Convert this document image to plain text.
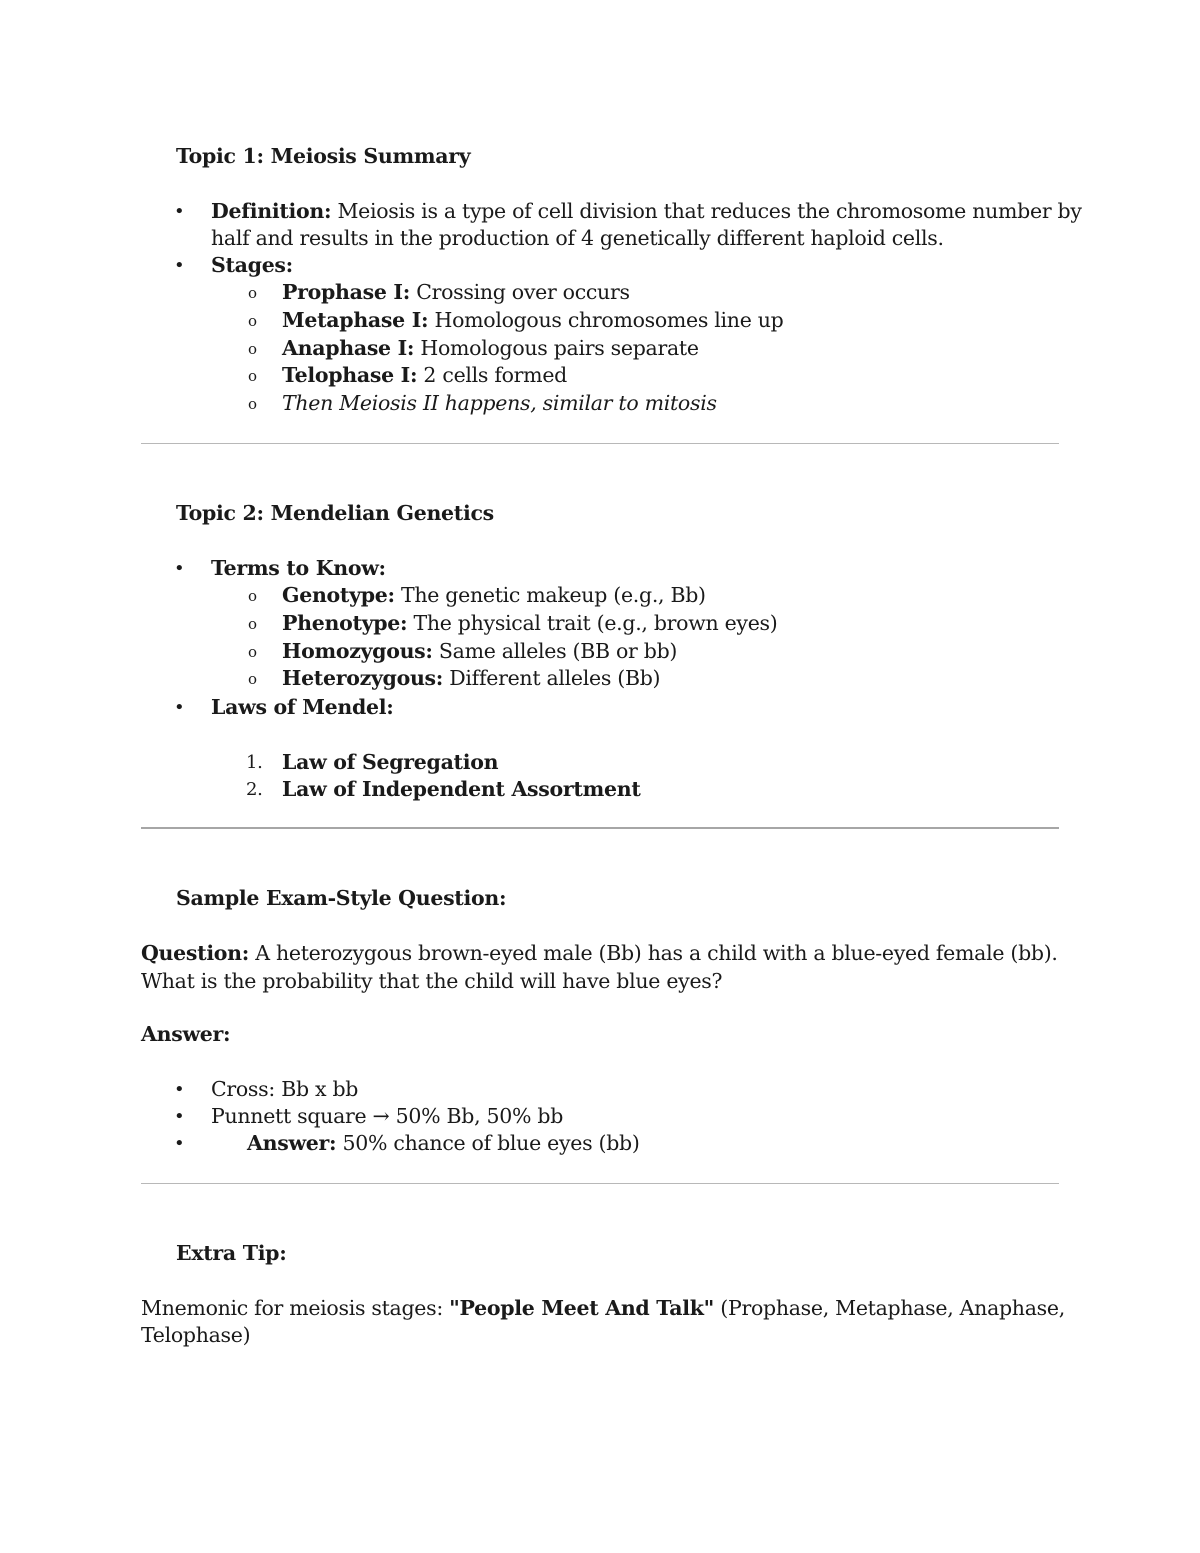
Topic 1: Meiosis Summary
• Definition: Meiosis is a type of cell division that reduces the chromosome number by
half and results in the production of 4 genetically different haploid cells.
• Stages:
o Prophase I: Crossing over occurs
o Metaphase I: Homologous chromosomes line up
o Anaphase I: Homologous pairs separate
o Telophase I: 2 cells formed
o Then Meiosis II happens, similar to mitosis
Topic 2: Mendelian Genetics
• Terms to Know:
o Genotype: The genetic makeup (e.g., Bb)
o Phenotype: The physical trait (e.g., brown eyes)
o Homozygous: Same alleles (BB or bb)
o Heterozygous: Different alleles (Bb)
• Laws of Mendel:
1. Law of Segregation
2. Law of Independent Assortment
Sample Exam-Style Question:
Question: A heterozygous brown-eyed male (Bb) has a child with a blue-eyed female (bb).
What is the probability that the child will have blue eyes?
Answer:
• Cross: Bb x bb
• Punnett square → 50% Bb, 50% bb
•	Answer: 50% chance of blue eyes (bb)
Extra Tip:
Mnemonic for meiosis stages: "People Meet And Talk" (Prophase, Metaphase, Anaphase,
Telophase)
